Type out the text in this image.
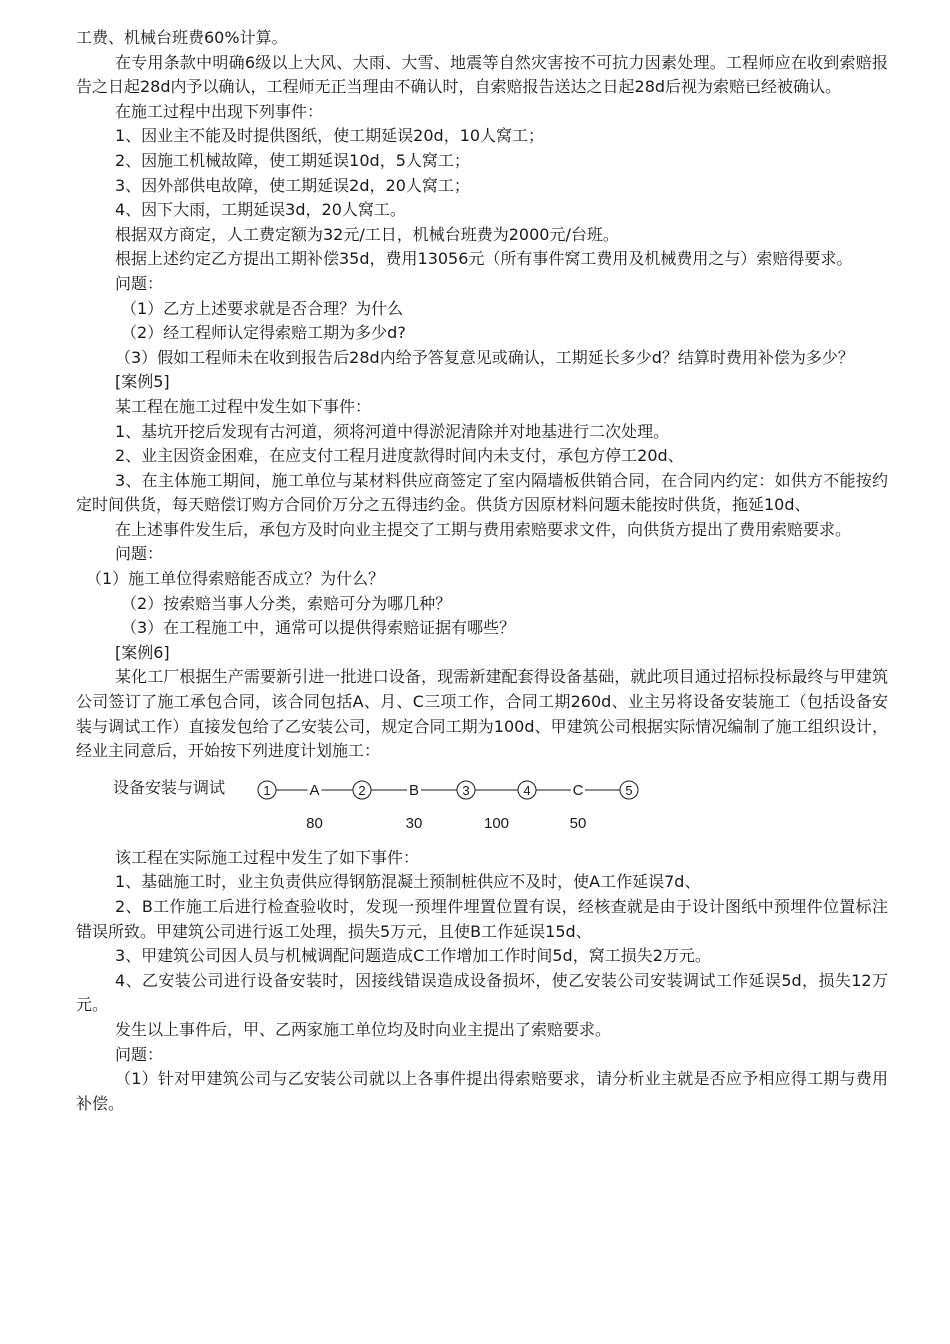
工费、机械台班费60%计算。

在专用条款中明确6级以上大风、大雨、大雪、地震等自然灾害按不可抗力因素处理。工程师应在收到索赔报告之日起28d内予以确认，工程师无正当理由不确认时，自索赔报告送达之日起28d后视为索赔已经被确认。

在施工过程中出现下列事件：

1、因业主不能及时提供图纸，使工期延误20d，10人窝工；

2、因施工机械故障，使工期延误10d，5人窝工；

3、因外部供电故障，使工期延误2d，20人窝工；

4、因下大雨，工期延误3d，20人窝工。

根据双方商定，人工费定额为32元/工日，机械台班费为2000元/台班。

根据上述约定乙方提出工期补偿35d，费用13056元（所有事件窝工费用及机械费用之与）索赔得要求。

问题：

（1）乙方上述要求就是否合理？为什么

（2）经工程师认定得索赔工期为多少d?

（3）假如工程师未在收到报告后28d内给予答复意见或确认，工期延长多少d？结算时费用补偿为多少？

[案例5]

某工程在施工过程中发生如下事件：

1、基坑开挖后发现有古河道，须将河道中得淤泥清除并对地基进行二次处理。

2、业主因资金困难，在应支付工程月进度款得时间内未支付，承包方停工20d、

3、在主体施工期间，施工单位与某材料供应商签定了室内隔墙板供销合同，在合同内约定：如供方不能按约定时间供货，每天赔偿订购方合同价万分之五得违约金。供货方因原材料问题未能按时供货，拖延10d、

在上述事件发生后，承包方及时向业主提交了工期与费用索赔要求文件，向供货方提出了费用索赔要求。

问题：

（1）施工单位得索赔能否成立？为什么？

（2）按索赔当事人分类，索赔可分为哪几种？

（3）在工程施工中，通常可以提供得索赔证据有哪些？

[案例6]

某化工厂根据生产需要新引进一批进口设备，现需新建配套得设备基础，就此项目通过招标投标最终与甲建筑公司签订了施工承包合同，该合同包括A、月、C三项工作，合同工期260d、业主另将设备安装施工（包括设备安装与调试工作）直接发包给了乙安装公司，规定合同工期为100d、甲建筑公司根据实际情况编制了施工组织设计，经业主同意后，开始按下列进度计划施工：

设备安装与调试	A
80
B
30	100
C
50
1	2	3	4	5

该工程在实际施工过程中发生了如下事件：

1、基础施工时，业主负责供应得钢筋混凝土预制桩供应不及时，使A工作延误7d、

2、B工作施工后进行检查验收时，发现一预埋件埋置位置有误，经核查就是由于设计图纸中预埋件位置标注错误所致。甲建筑公司进行返工处理，损失5万元，且使B工作延误15d、

3、甲建筑公司因人员与机械调配问题造成C工作增加工作时间5d，窝工损失2万元。

4、乙安装公司进行设备安装时，因接线错误造成设备损坏，使乙安装公司安装调试工作延误5d，损失12万元。

发生以上事件后，甲、乙两家施工单位均及时向业主提出了索赔要求。

问题：

（1）针对甲建筑公司与乙安装公司就以上各事件提出得索赔要求，请分析业主就是否应予相应得工期与费用补偿。
